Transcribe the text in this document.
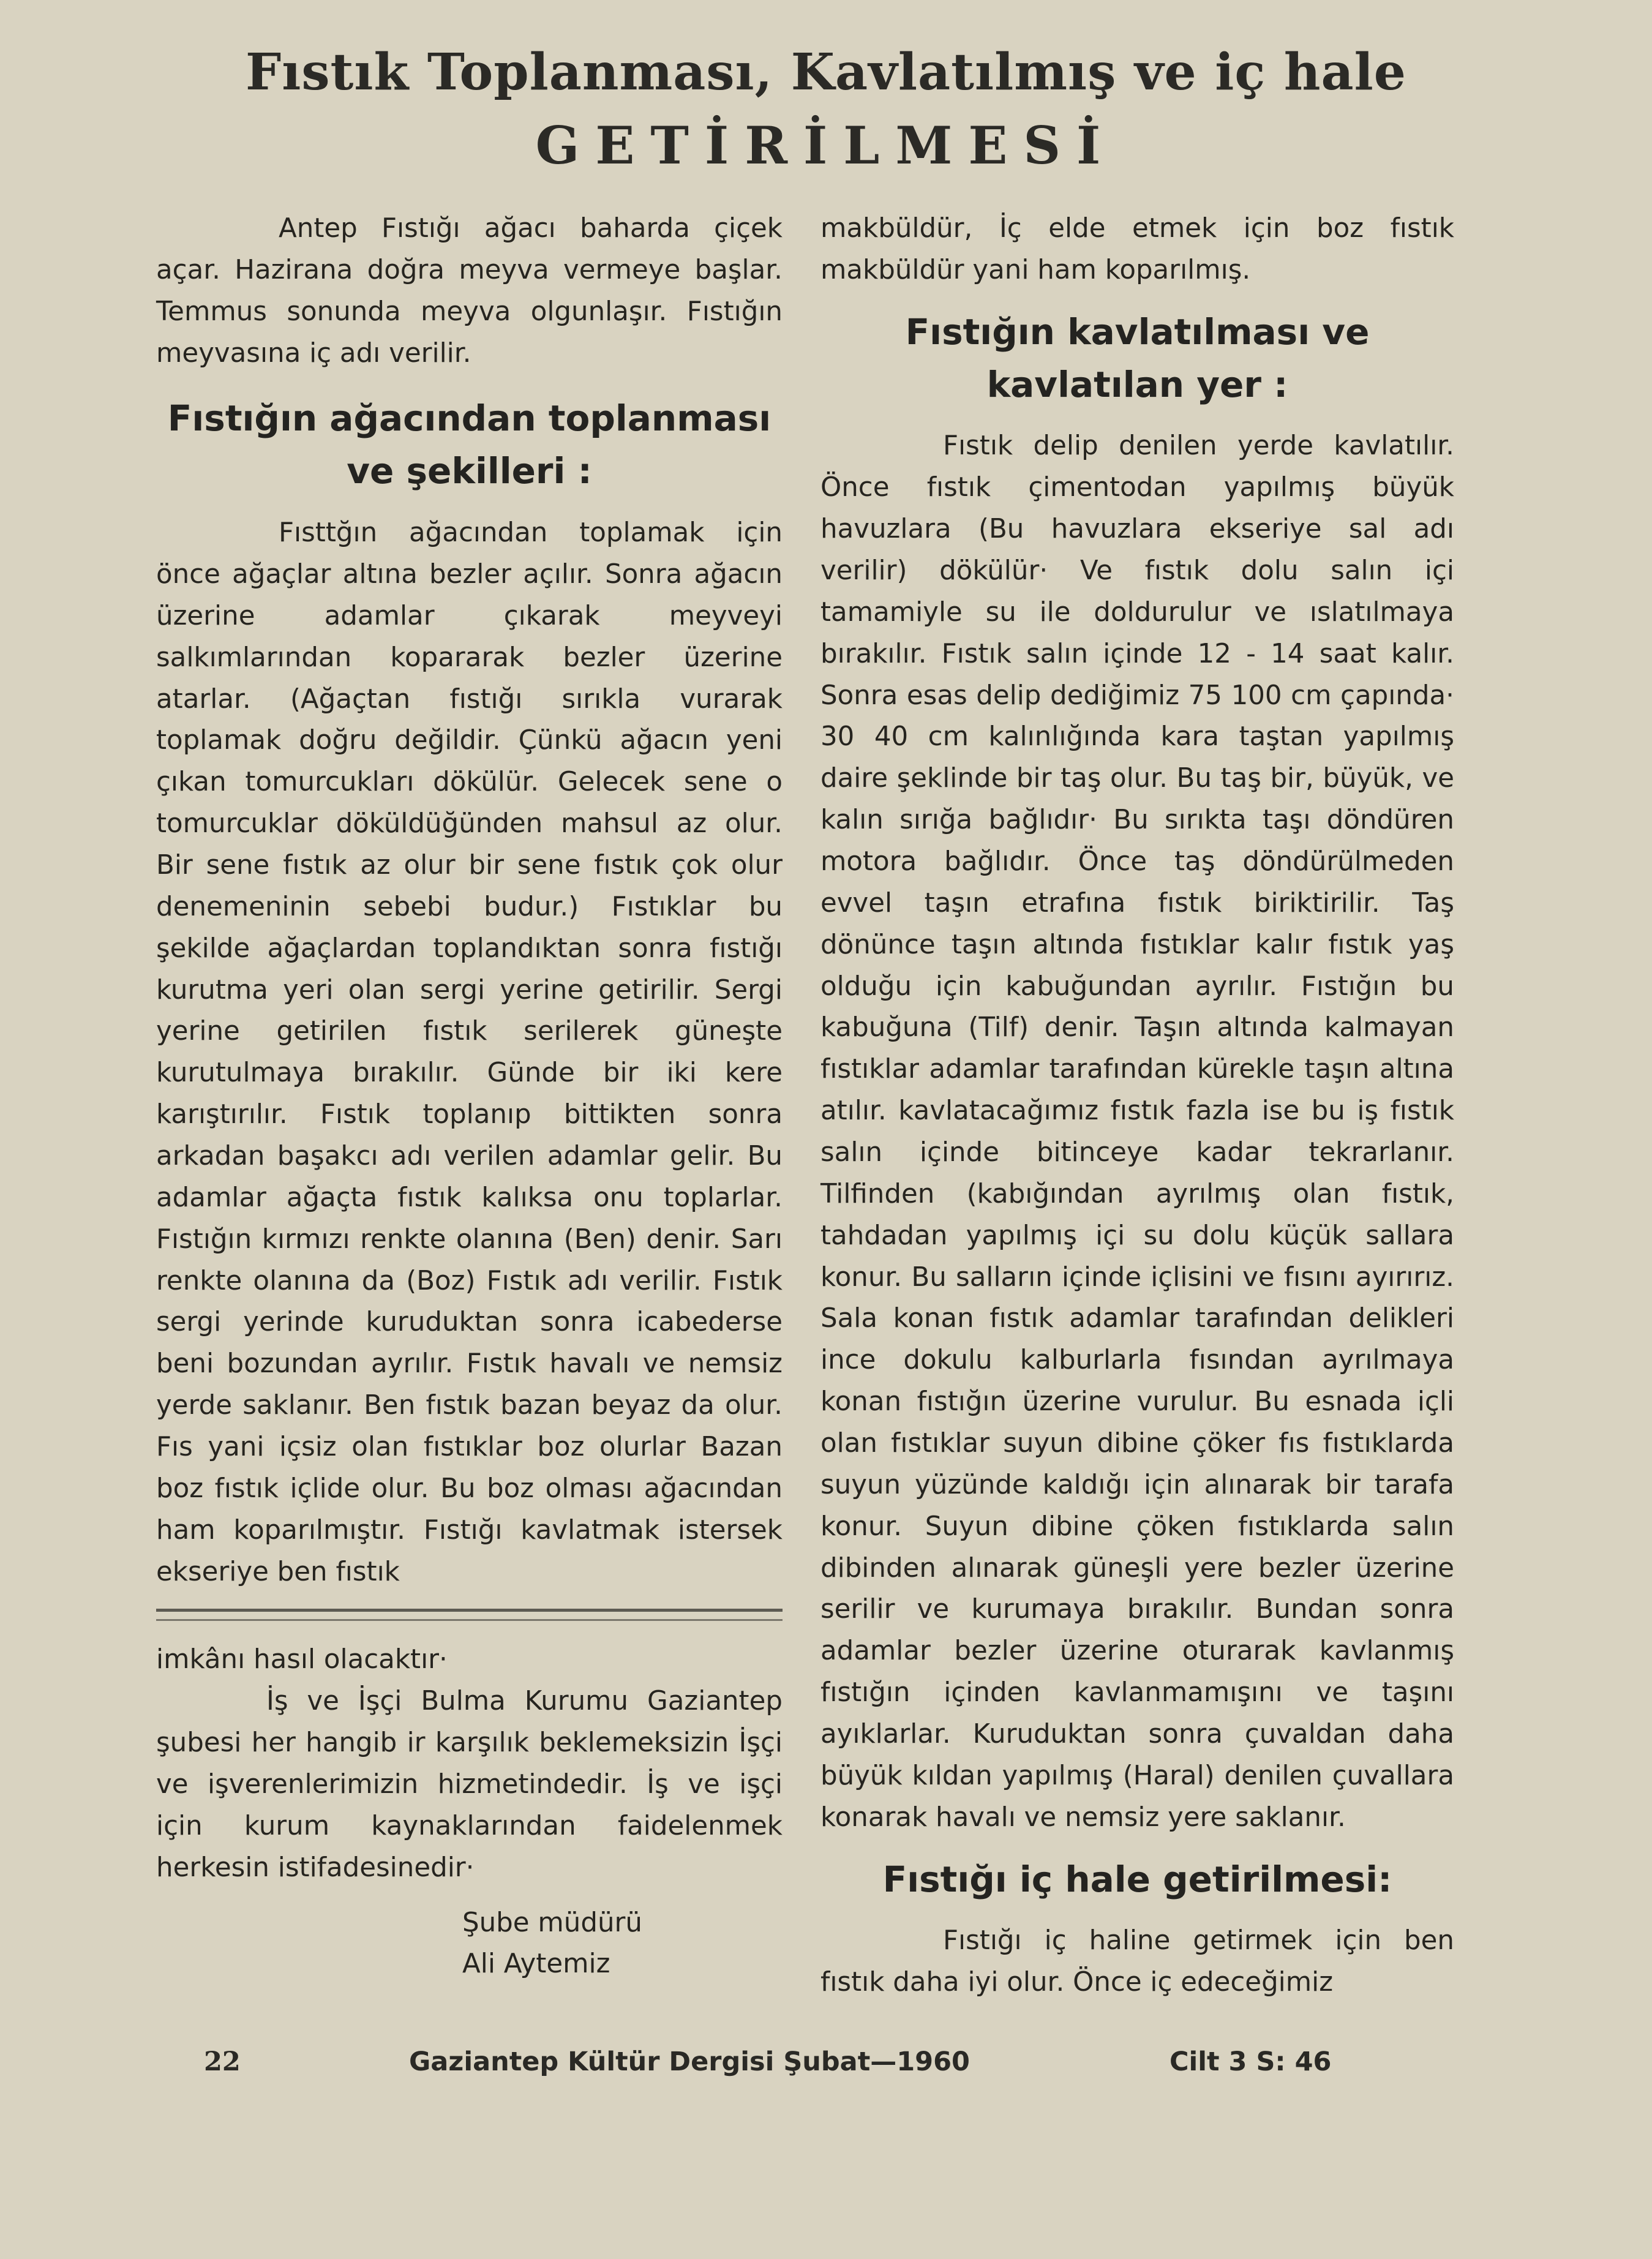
Fıstık Toplanması, Kavlatılmış ve iç hale
GETİRİLMESİ

Antep Fıstığı ağacı baharda çiçek açar. Hazirana doğra meyva vermeye başlar. Temmus sonunda meyva olgunlaşır. Fıstığın meyvasına iç adı verilir.

Fıstığın ağacından toplanması ve şekilleri :

Fısttğın ağacından toplamak için önce ağaçlar altına bezler açılır. Sonra ağacın üzerine adamlar çıkarak meyveyi salkımlarından kopararak bezler üzerine atarlar. (Ağaçtan fıstığı sırıkla vurarak toplamak doğru değildir. Çünkü ağacın yeni çıkan tomurcukları dökülür. Gelecek sene o tomurcuklar döküldüğünden mahsul az olur. Bir sene fıstık az olur bir sene fıstık çok olur denemeninin sebebi budur.) Fıstıklar bu şekilde ağaçlardan toplandıktan sonra fıstığı kurutma yeri olan sergi yerine getirilir. Sergi yerine getirilen fıstık serilerek güneşte kurutulmaya bırakılır. Günde bir iki kere karıştırılır. Fıstık toplanıp bittikten sonra arkadan başakcı adı verilen adamlar gelir. Bu adamlar ağaçta fıstık kalıksa onu toplarlar. Fıstığın kırmızı renkte olanına (Ben) denir. Sarı renkte olanına da (Boz) Fıstık adı verilir. Fıstık sergi yerinde kuruduktan sonra icabederse beni bozundan ayrılır. Fıstık havalı ve nemsiz yerde saklanır. Ben fıstık bazan beyaz da olur. Fıs yani içsiz olan fıstıklar boz olurlar Bazan boz fıstık içlide olur. Bu boz olması ağacından ham koparılmıştır. Fıstığı kavlatmak istersek ekseriye ben fıstık

imkânı hasıl olacaktır·

İş ve İşçi Bulma Kurumu Gaziantep şubesi her hangib ir karşılık beklemeksizin İşçi ve işverenlerimizin hizmetindedir. İş ve işçi için kurum kaynaklarından faidelenmek herkesin istifadesinedir·

Şube müdürü
Ali Aytemiz

makbüldür, İç elde etmek için boz fıstık makbüldür yani ham koparılmış.

Fıstığın kavlatılması ve kavlatılan yer :

Fıstık delip denilen yerde kavlatılır. Önce fıstık çimentodan yapılmış büyük havuzlara (Bu havuzlara ekseriye sal adı verilir) dökülür· Ve fıstık dolu salın içi tamamiyle su ile doldurulur ve ıslatılmaya bırakılır. Fıstık salın içinde 12 - 14 saat kalır. Sonra esas delip dediğimiz 75 100 cm çapında· 30 40 cm kalınlığında kara taştan yapılmış daire şeklinde bir taş olur. Bu taş bir, büyük, ve kalın sırığa bağlıdır· Bu sırıkta taşı döndüren motora bağlıdır. Önce taş döndürülmeden evvel taşın etrafına fıstık biriktirilir. Taş dönünce taşın altında fıstıklar kalır fıstık yaş olduğu için kabuğundan ayrılır. Fıstığın bu kabuğuna (Tilf) denir. Taşın altında kalmayan fıstıklar adamlar tarafından kürekle taşın altına atılır. kavlatacağımız fıstık fazla ise bu iş fıstık salın içinde bitinceye kadar tekrarlanır. Tilfinden (kabığından ayrılmış olan fıstık, tahdadan yapılmış içi su dolu küçük sallara konur. Bu salların içinde içlisini ve fısını ayırırız. Sala konan fıstık adamlar tarafından delikleri ince dokulu kalburlarla fısından ayrılmaya konan fıstığın üzerine vurulur. Bu esnada içli olan fıstıklar suyun dibine çöker fıs fıstıklarda suyun yüzünde kaldığı için alınarak bir tarafa konur. Suyun dibine çöken fıstıklarda salın dibinden alınarak güneşli yere bezler üzerine serilir ve kurumaya bırakılır. Bundan sonra adamlar bezler üzerine oturarak kavlanmış fıstığın içinden kavlanmamışını ve taşını ayıklarlar. Kuruduktan sonra çuvaldan daha büyük kıldan yapılmış (Haral) denilen çuvallara konarak havalı ve nemsiz yere saklanır.

Fıstığı iç hale getirilmesi:

Fıstığı iç haline getirmek için ben fıstık daha iyi olur. Önce iç edeceğimiz

22	Gaziantep Kültür Dergisi Şubat—1960	Cilt 3 S: 46
